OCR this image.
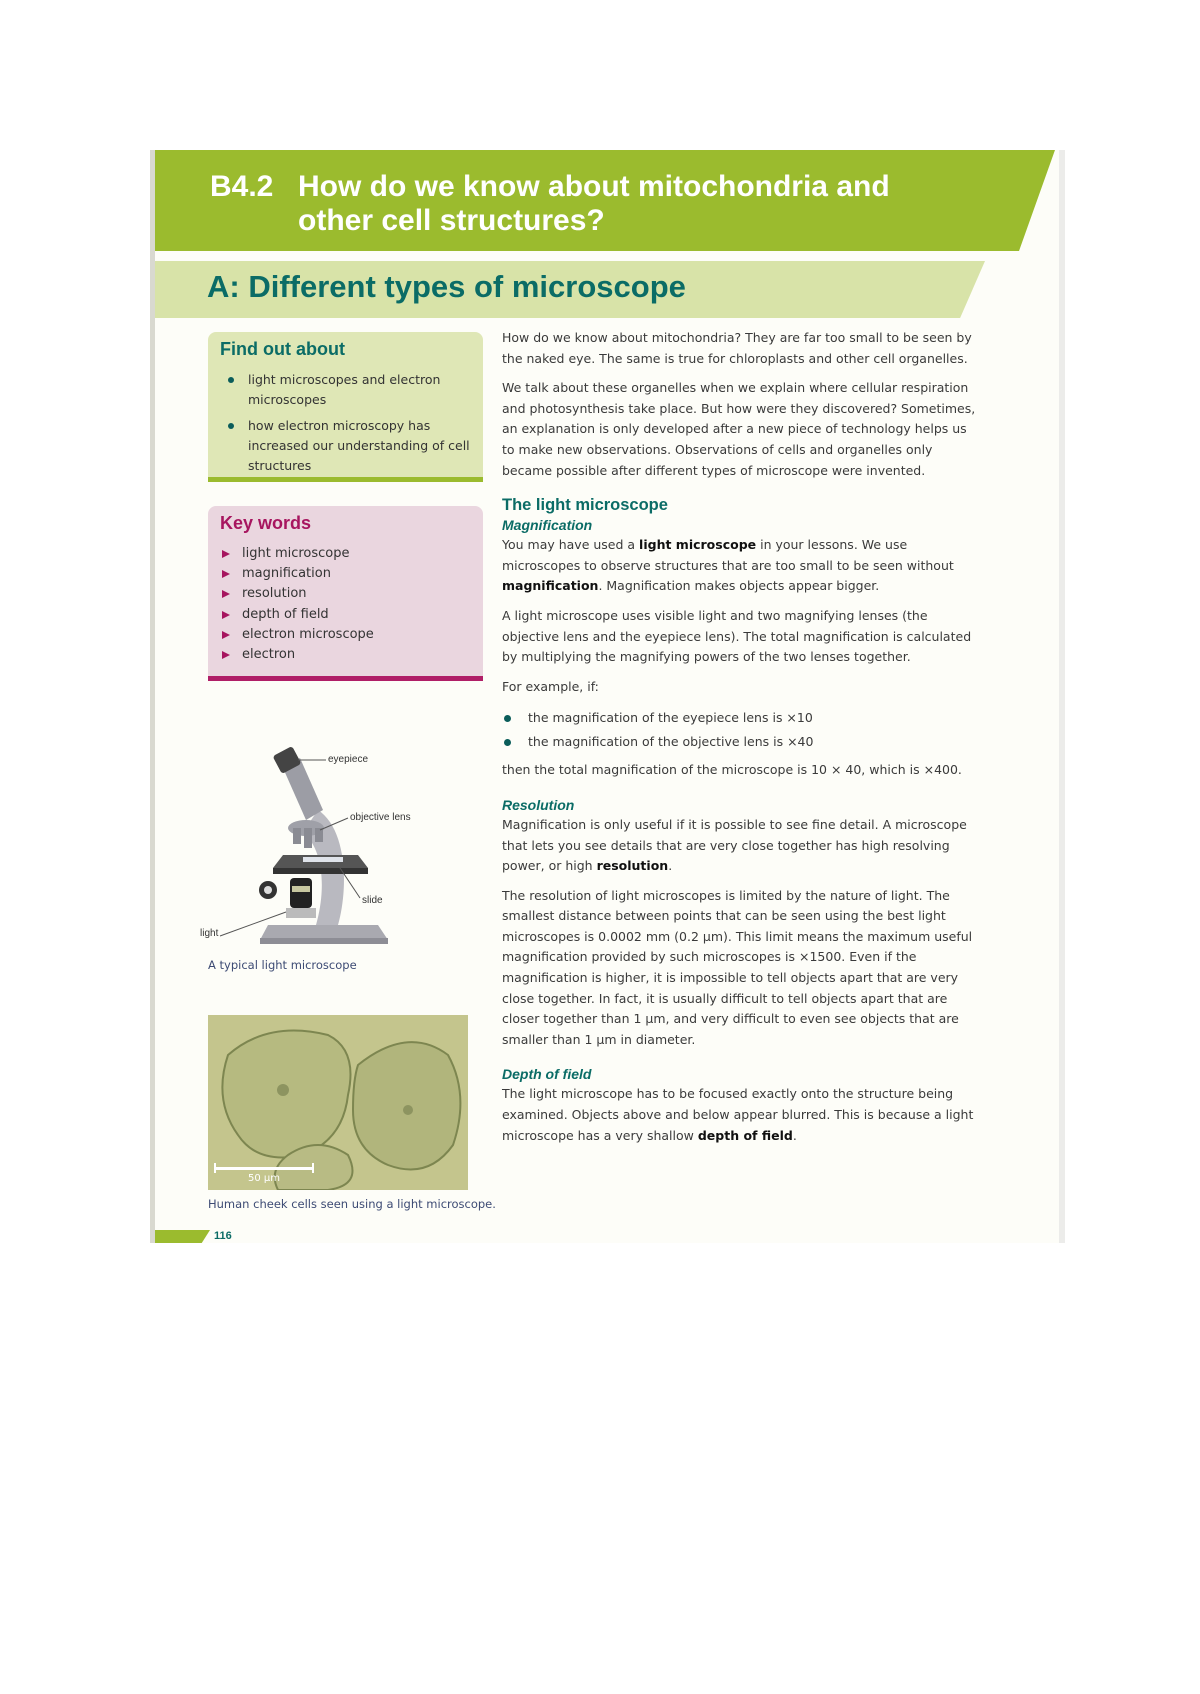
B4.2 How do we know about mitochondria and
other cell structures?
A: Different types of microscope
Find out about
light microscopes and electron microscopes
how electron microscopy has increased our understanding of cell structures
Key words
light microscope
magnification
resolution
depth of field
electron microscope
electron
eyepiece
objective lens
slide
light
A typical light microscope
50 µm
Human cheek cells seen using a light microscope.
116

How do we know about mitochondria? They are far too small to be seen by the naked eye. The same is true for chloroplasts and other cell organelles.

We talk about these organelles when we explain where cellular respiration and photosynthesis take place. But how were they discovered? Sometimes, an explanation is only developed after a new piece of technology helps us to make new observations. Observations of cells and organelles only became possible after different types of microscope were invented.

The light microscope
Magnification

You may have used a light microscope in your lessons. We use microscopes to observe structures that are too small to be seen without magnification. Magnification makes objects appear bigger.

A light microscope uses visible light and two magnifying lenses (the objective lens and the eyepiece lens). The total magnification is calculated by multiplying the magnifying powers of the two lenses together.

For example, if:

the magnification of the eyepiece lens is ×10
the magnification of the objective lens is ×40

then the total magnification of the microscope is 10 × 40, which is ×400.

Resolution

Magnification is only useful if it is possible to see fine detail. A microscope that lets you see details that are very close together has high resolving power, or high resolution.

The resolution of light microscopes is limited by the nature of light. The smallest distance between points that can be seen using the best light microscopes is 0.0002 mm (0.2 µm). This limit means the maximum useful magnification provided by such microscopes is ×1500. Even if the magnification is higher, it is impossible to tell objects apart that are very close together. In fact, it is usually difficult to tell objects apart that are closer together than 1 µm, and very difficult to even see objects that are smaller than 1 µm in diameter.

Depth of field

The light microscope has to be focused exactly onto the structure being examined. Objects above and below appear blurred. This is because a light microscope has a very shallow depth of field.
